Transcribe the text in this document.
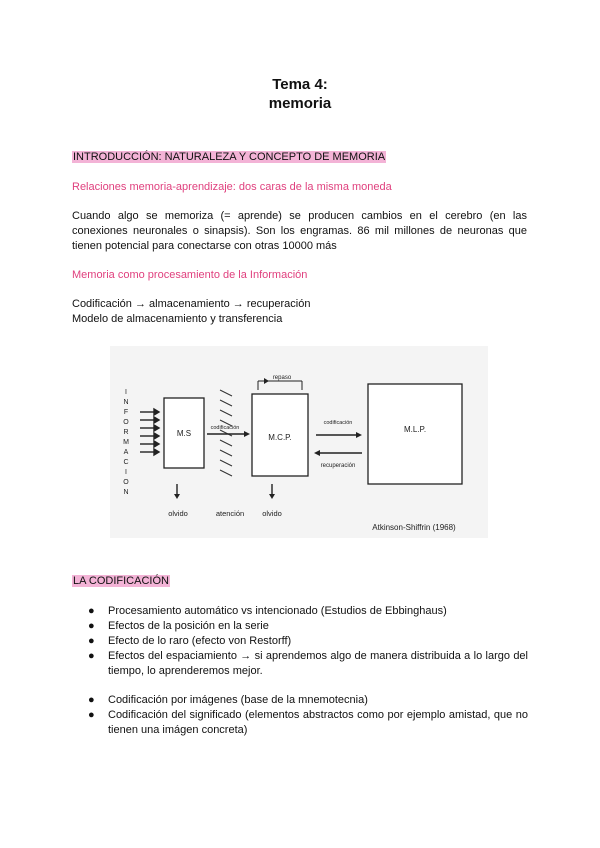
Tema 4:
memoria
INTRODUCCIÓN: NATURALEZA Y CONCEPTO DE MEMORIA
Relaciones memoria-aprendizaje: dos caras de la misma moneda
Cuando algo se memoriza (= aprende) se producen cambios en el cerebro (en las conexiones neuronales o sinapsis). Son los engramas. 86 mil millones de neuronas que tienen potencial para conectarse con otras 10000 más
Memoria como procesamiento de la Información
Codificación → almacenamiento → recuperación
Modelo de almacenamiento y transferencia
I
N
F
O
R
M
A
C
I
O
N
M.S
codificación
repaso
M.C.P.
codificación
recuperación
M.L.P.
olvido	atención olvido
Atkinson-Shiffrin (1968)
LA CODIFICACIÓN
● Procesamiento automático vs intencionado (Estudios de Ebbinghaus)
● Efectos de la posición en la serie
● Efecto de lo raro (efecto von Restorff)
● Efectos del espaciamiento → si aprendemos algo de manera distribuida a lo largo del tiempo, lo aprenderemos mejor.
● Codificación por imágenes (base de la mnemotecnia)
● Codificación del significado (elementos abstractos como por ejemplo amistad, que no tienen una imágen concreta)
